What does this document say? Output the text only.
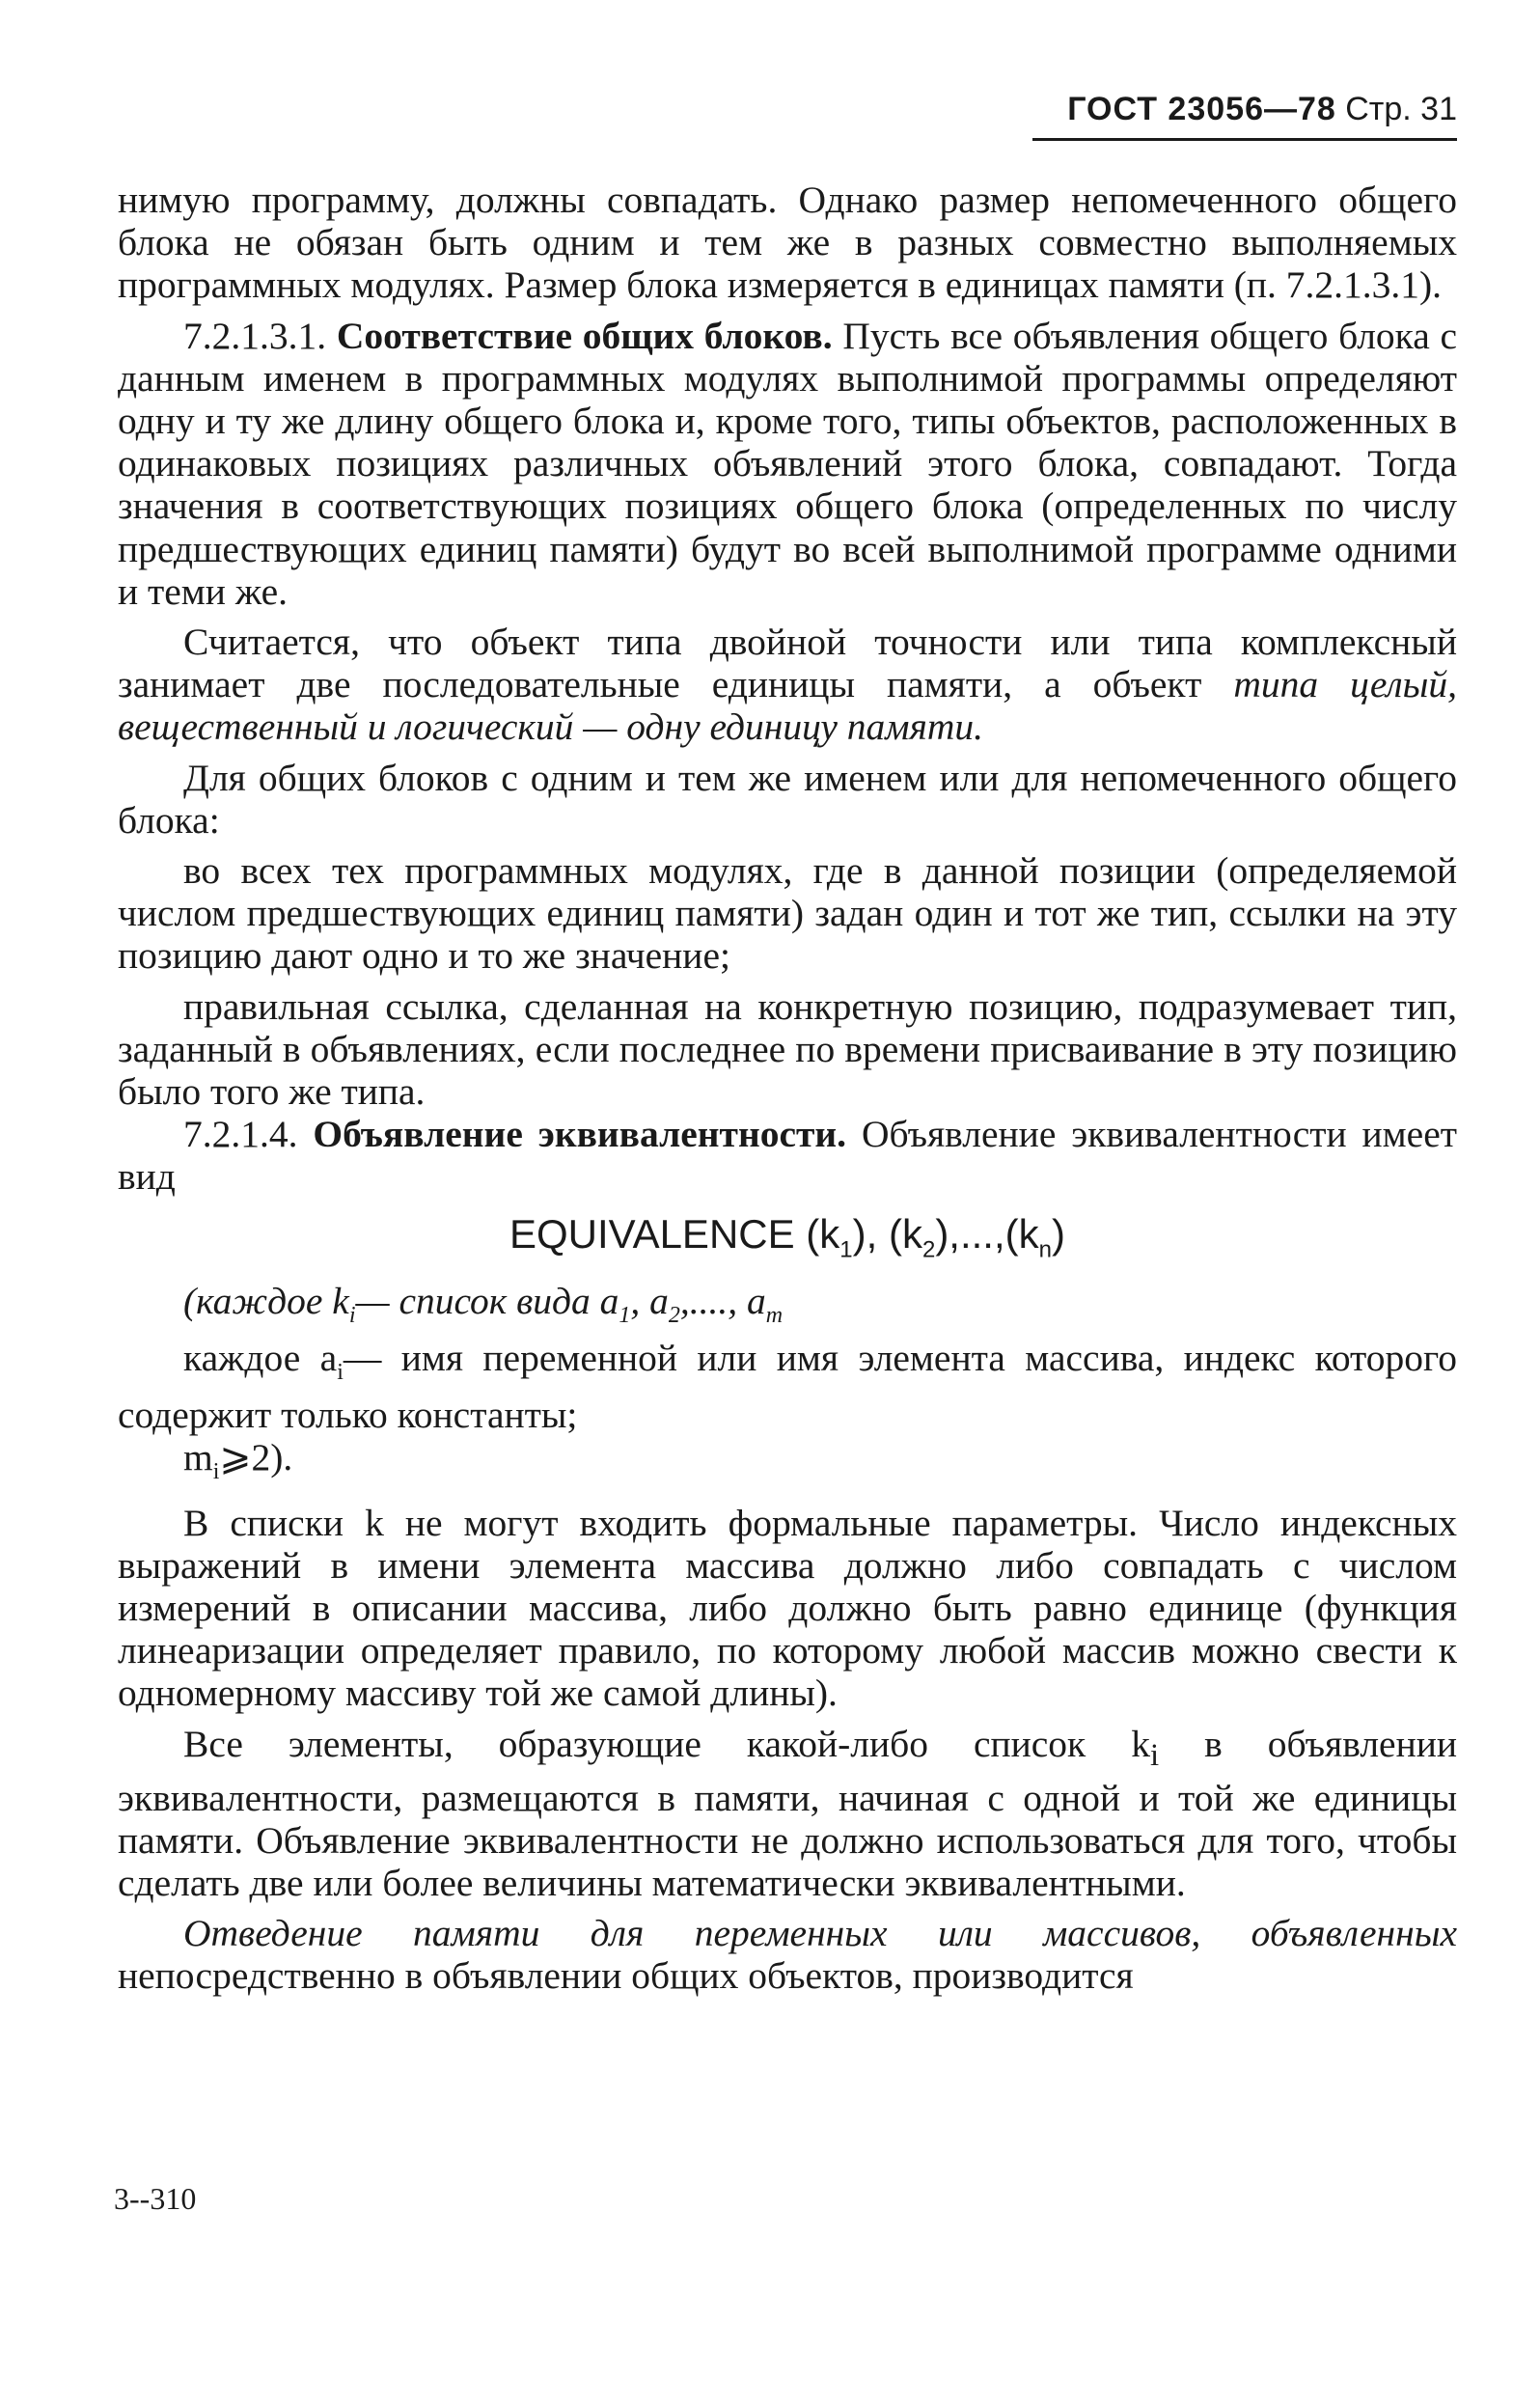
ГОСТ 23056—78 Стр. 31

нимую программу, должны совпадать. Однако размер непомеченного общего блока не обязан быть одним и тем же в разных совместно выполняемых программных модулях. Размер блока измеряется в единицах памяти (п. 7.2.1.3.1).

7.2.1.3.1. Соответствие общих блоков. Пусть все объявления общего блока с данным именем в программных модулях выполнимой программы определяют одну и ту же длину общего блока и, кроме того, типы объектов, расположенных в одинаковых позициях различных объявлений этого блока, совпадают. Тогда значения в соответствующих позициях общего блока (определенных по числу предшествующих единиц памяти) будут во всей выполнимой программе одними и теми же.

Считается, что объект типа двойной точности или типа комплексный занимает две последовательные единицы памяти, а объект типа целый, вещественный и логический — одну единицу памяти.

Для общих блоков с одним и тем же именем или для непомеченного общего блока:

во всех тех программных модулях, где в данной позиции (определяемой числом предшествующих единиц памяти) задан один и тот же тип, ссылки на эту позицию дают одно и то же значение;

правильная ссылка, сделанная на конкретную позицию, подразумевает тип, заданный в объявлениях, если последнее по времени присваивание в эту позицию было того же типа.

7.2.1.4. Объявление эквивалентности. Объявление эквивалентности имеет вид

EQUIVALENCE $(k_1)$, $(k_2),...,(k_n)$

(каждое $k_i—$ список вида $a_1$, $a_2$,...., $a_m$

каждое $a_i—$ имя переменной или имя элемента массива, индекс которого содержит только константы;

$m_i⩾2$).

В списки k не могут входить формальные параметры. Число индексных выражений в имени элемента массива должно либо совпадать с числом измерений в описании массива, либо должно быть равно единице (функция линеаризации определяет правило, по которому любой массив можно свести к одномерному массиву той же самой длины).

Все элементы, образующие какой-либо список $k_i$ в объявлении эквивалентности, размещаются в памяти, начиная с одной и той же единицы памяти. Объявление эквивалентности не должно использоваться для того, чтобы сделать две или более величины математически эквивалентными.

Отведение памяти для переменных или массивов, объявленных непосредственно в объявлении общих объектов, производится

3--310
